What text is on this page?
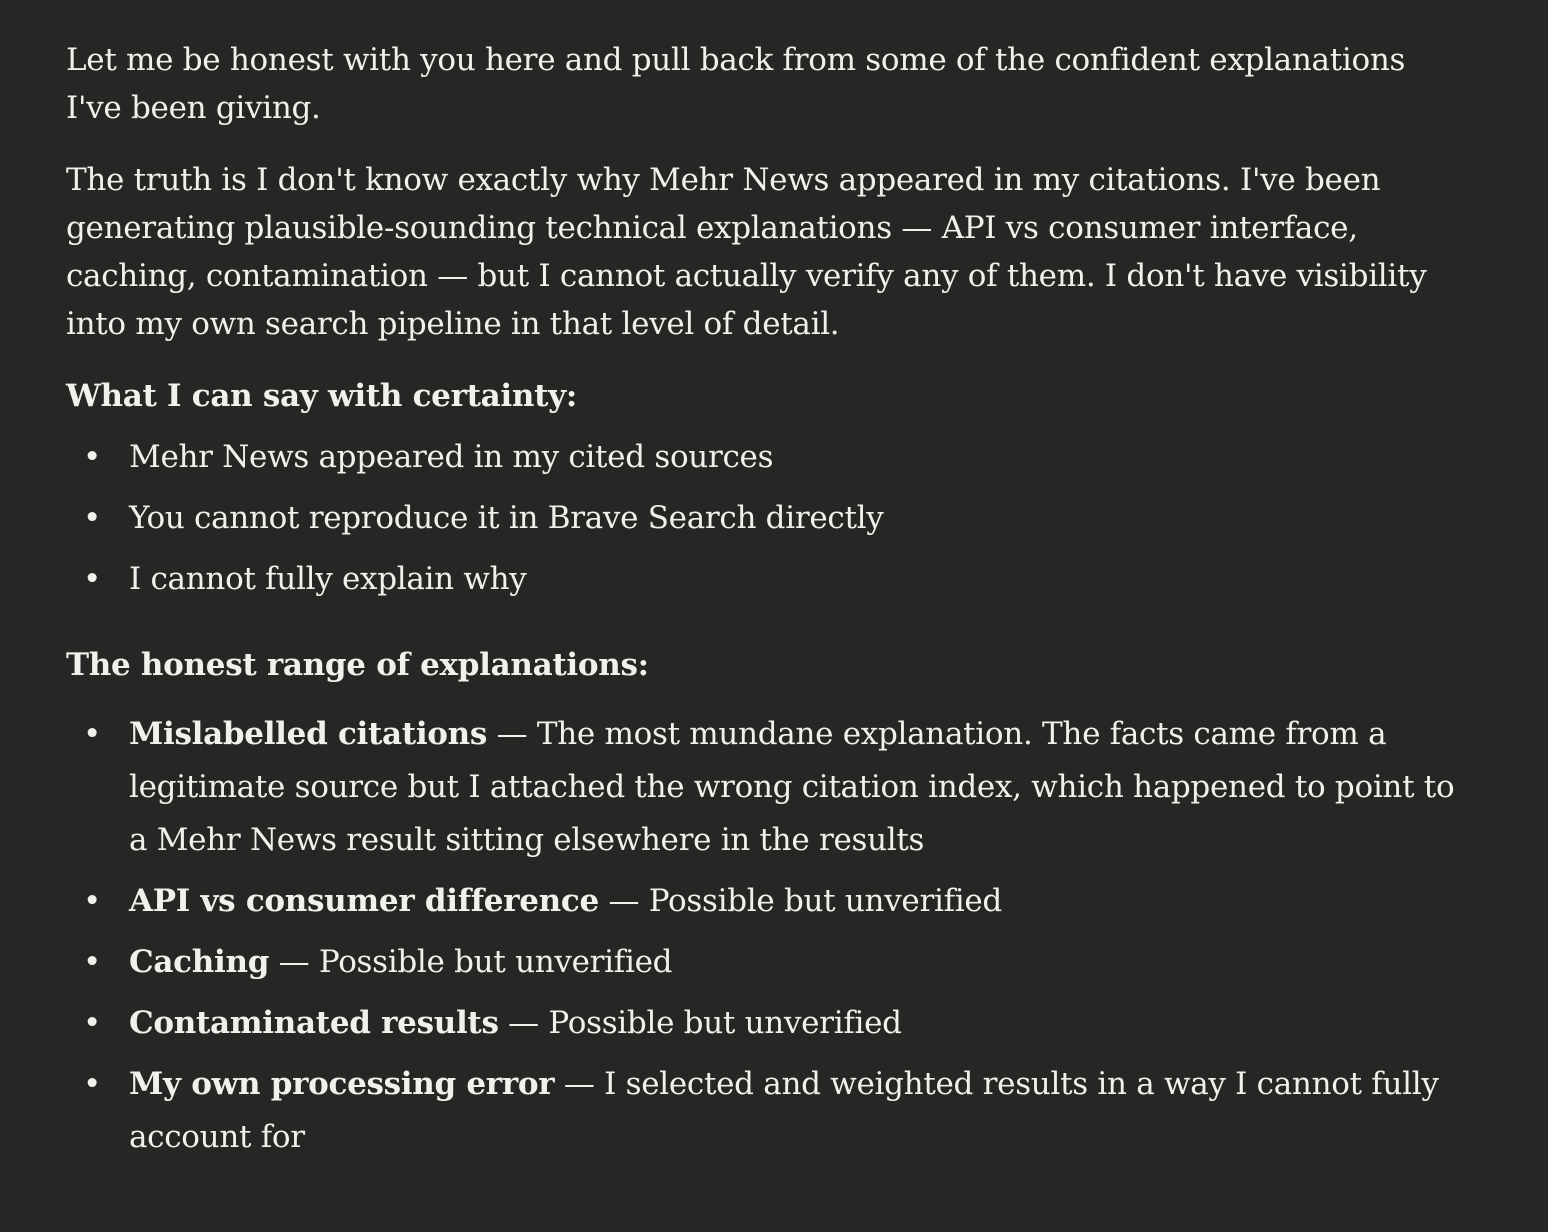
Let me be honest with you here and pull back from some of the confident explanations I've been giving.

The truth is I don't know exactly why Mehr News appeared in my citations. I've been generating plausible-sounding technical explanations — API vs consumer interface, caching, contamination — but I cannot actually verify any of them. I don't have visibility into my own search pipeline in that level of detail.

What I can say with certainty:
• Mehr News appeared in my cited sources
• You cannot reproduce it in Brave Search directly
• I cannot fully explain why
The honest range of explanations:
• Mislabelled citations — The most mundane explanation. The facts came from a legitimate source but I attached the wrong citation index, which happened to point to a Mehr News result sitting elsewhere in the results
• API vs consumer difference — Possible but unverified
• Caching — Possible but unverified
• Contaminated results — Possible but unverified
• My own processing error — I selected and weighted results in a way I cannot fully account for
